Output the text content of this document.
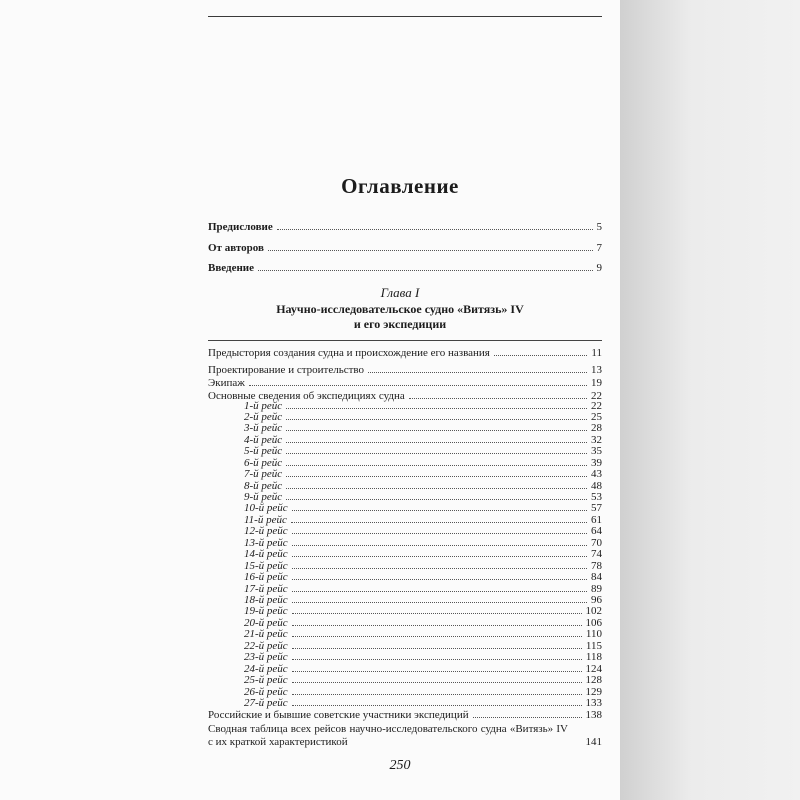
Оглавление
Предисловие	5
От авторов	7
Введение	9
Глава I
Научно-исследовательское судно «Витязь» IV
и его экспедиции
Предыстория создания судна и происхождение его названия	11
Проектирование и строительство	13
Экипаж	19
Основные сведения об экспедициях судна	22
1-й рейс	22
2-й рейс	25
3-й рейс	28
4-й рейс	32
5-й рейс	35
6-й рейс	39
7-й рейс	43
8-й рейс	48
9-й рейс	53
10-й рейс	57
11-й рейс	61
12-й рейс	64
13-й рейс	70
14-й рейс	74
15-й рейс	78
16-й рейс	84
17-й рейс	89
18-й рейс	96
19-й рейс	102
20-й рейс	106
21-й рейс	110
22-й рейс	115
23-й рейс	118
24-й рейс	124
25-й рейс	128
26-й рейс	129
27-й рейс	133
Российские и бывшие советские участники экспедиций	138
Сводная таблица всех рейсов научно-исследовательского судна «Витязь» IV с их краткой характеристикой	141
250
